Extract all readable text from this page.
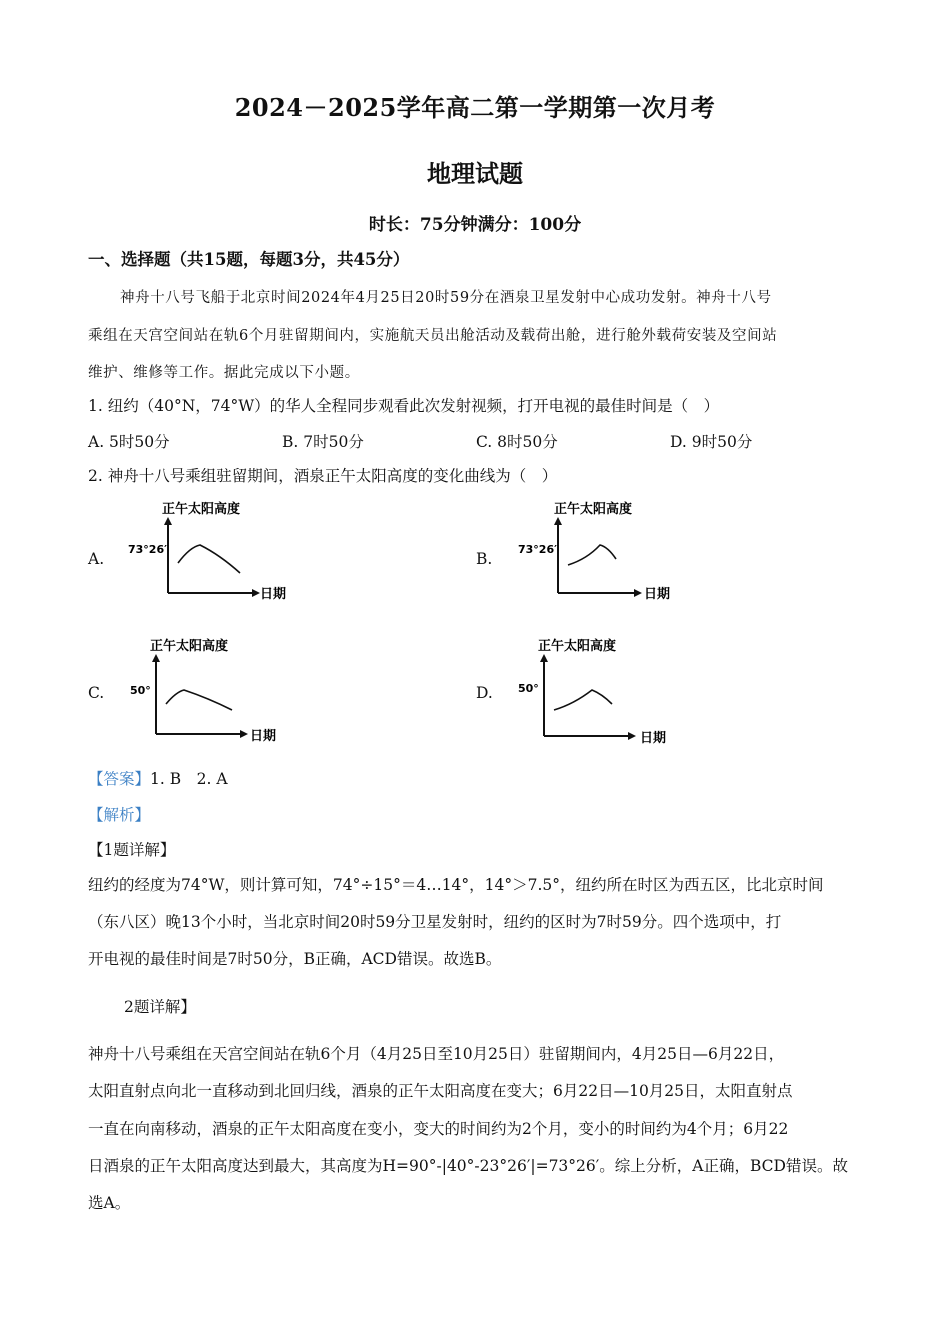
2024－2025学年高二第一学期第一次月考
地理试题
时长：75分钟满分：100分
一、选择题（共15题，每题3分，共45分）
神舟十八号飞船于北京时间2024年4月25日20时59分在酒泉卫星发射中心成功发射。神舟十八号
乘组在天宫空间站在轨6个月驻留期间内，实施航天员出舱活动及载荷出舱，进行舱外载荷安装及空间站
维护、维修等工作。据此完成以下小题。
1. 纽约（40°N，74°W）的华人全程同步观看此次发射视频，打开电视的最佳时间是（　）
A. 5时50分	B. 7时50分	C. 8时50分	D. 9时50分
2. 神舟十八号乘组驻留期间，酒泉正午太阳高度的变化曲线为（　）
A.
正午太阳高度
73°26′
日期
B.
正午太阳高度
73°26′
日期
C.
正午太阳高度
50°
日期
D.
正午太阳高度
50°
日期
【答案】1. B　2. A
【解析】
【1题详解】
纽约的经度为74°W，则计算可知，74°÷15°＝4…14°，14°＞7.5°，纽约所在时区为西五区，比北京时间
（东八区）晚13个小时，当北京时间20时59分卫星发射时，纽约的区时为7时59分。四个选项中，打
开电视的最佳时间是7时50分，B正确，ACD错误。故选B。
2题详解】
神舟十八号乘组在天宫空间站在轨6个月（4月25日至10月25日）驻留期间内，4月25日—6月22日，
太阳直射点向北一直移动到北回归线，酒泉的正午太阳高度在变大；6月22日—10月25日，太阳直射点
一直在向南移动，酒泉的正午太阳高度在变小，变大的时间约为2个月，变小的时间约为4个月；6月22
日酒泉的正午太阳高度达到最大，其高度为H=90°-|40°-23°26′|=73°26′。综上分析，A正确，BCD错误。故
选A。
